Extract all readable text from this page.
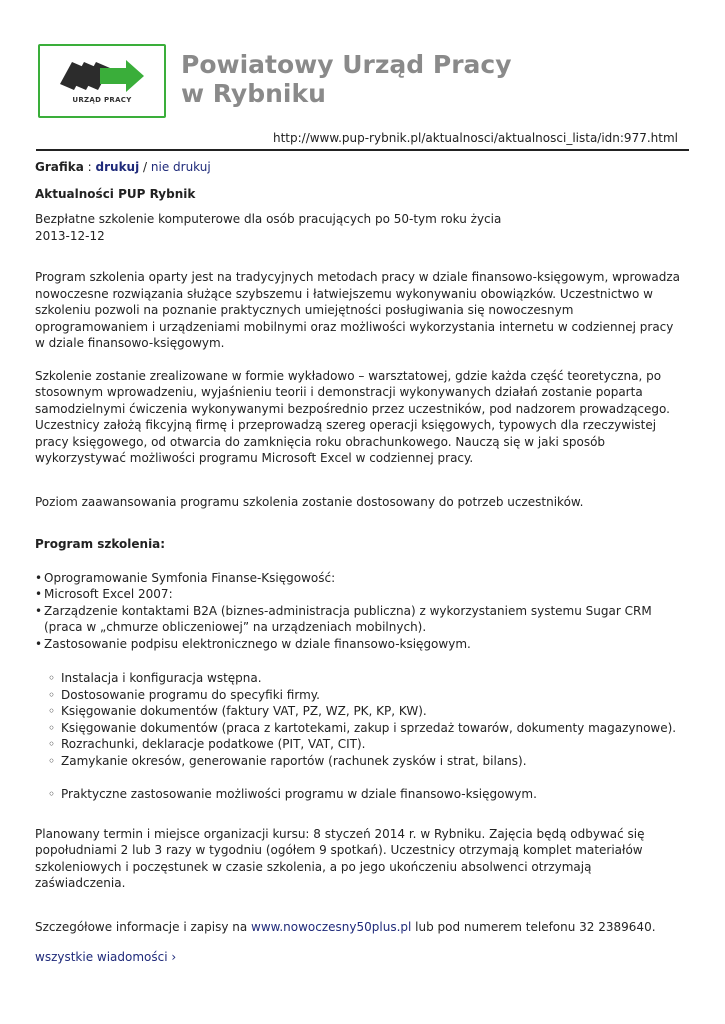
URZĄD PRACY
Powiatowy Urząd Pracy
w Rybniku
http://www.pup-rybnik.pl/aktualnosci/aktualnosci_lista/idn:977.html

Grafika : drukuj / nie drukuj

Aktualności PUP Rybnik

Bezpłatne szkolenie komputerowe dla osób pracujących po 50-tym roku życia

2013-12-12

Program szkolenia oparty jest na tradycyjnych metodach pracy w dziale finansowo-księgowym, wprowadza nowoczesne rozwiązania służące szybszemu i łatwiejszemu wykonywaniu obowiązków. Uczestnictwo w szkoleniu pozwoli na poznanie praktycznych umiejętności posługiwania się nowoczesnym oprogramowaniem i urządzeniami mobilnymi oraz możliwości wykorzystania internetu w codziennej pracy w dziale finansowo-księgowym.

Szkolenie zostanie zrealizowane w formie wykładowo – warsztatowej, gdzie każda część teoretyczna, po stosownym wprowadzeniu, wyjaśnieniu teorii i demonstracji wykonywanych działań zostanie poparta samodzielnymi ćwiczenia wykonywanymi bezpośrednio przez uczestników, pod nadzorem prowadzącego. Uczestnicy założą fikcyjną firmę i przeprowadzą szereg operacji księgowych, typowych dla rzeczywistej pracy księgowego, od otwarcia do zamknięcia roku obrachunkowego. Nauczą się w jaki sposób wykorzystywać możliwości programu Microsoft Excel w codziennej pracy.

Poziom zaawansowania programu szkolenia zostanie dostosowany do potrzeb uczestników.

Program szkolenia:

• Oprogramowanie Symfonia Finanse-Księgowość:
• Microsoft Excel 2007:
• Zarządzenie kontaktami B2A (biznes-administracja publiczna) z wykorzystaniem systemu Sugar CRM (praca w „chmurze obliczeniowej” na urządzeniach mobilnych).
• Zastosowanie podpisu elektronicznego w dziale finansowo-księgowym.
◦ Instalacja i konfiguracja wstępna.
◦ Dostosowanie programu do specyfiki firmy.
◦ Księgowanie dokumentów (faktury VAT, PZ, WZ, PK, KP, KW).
◦ Księgowanie dokumentów (praca z kartotekami, zakup i sprzedaż towarów, dokumenty magazynowe).
◦ Rozrachunki, deklaracje podatkowe (PIT, VAT, CIT).
◦ Zamykanie okresów, generowanie raportów (rachunek zysków i strat, bilans).
◦ Praktyczne zastosowanie możliwości programu w dziale finansowo-księgowym.

Planowany termin i miejsce organizacji kursu: 8 styczeń 2014 r. w Rybniku. Zajęcia będą odbywać się popołudniami 2 lub 3 razy w tygodniu (ogółem 9 spotkań). Uczestnicy otrzymają komplet materiałów szkoleniowych i poczęstunek w czasie szkolenia, a po jego ukończeniu absolwenci otrzymają zaświadczenia.

Szczegółowe informacje i zapisy na www.nowoczesny50plus.pl lub pod numerem telefonu 32 2389640.

wszystkie wiadomości ›
